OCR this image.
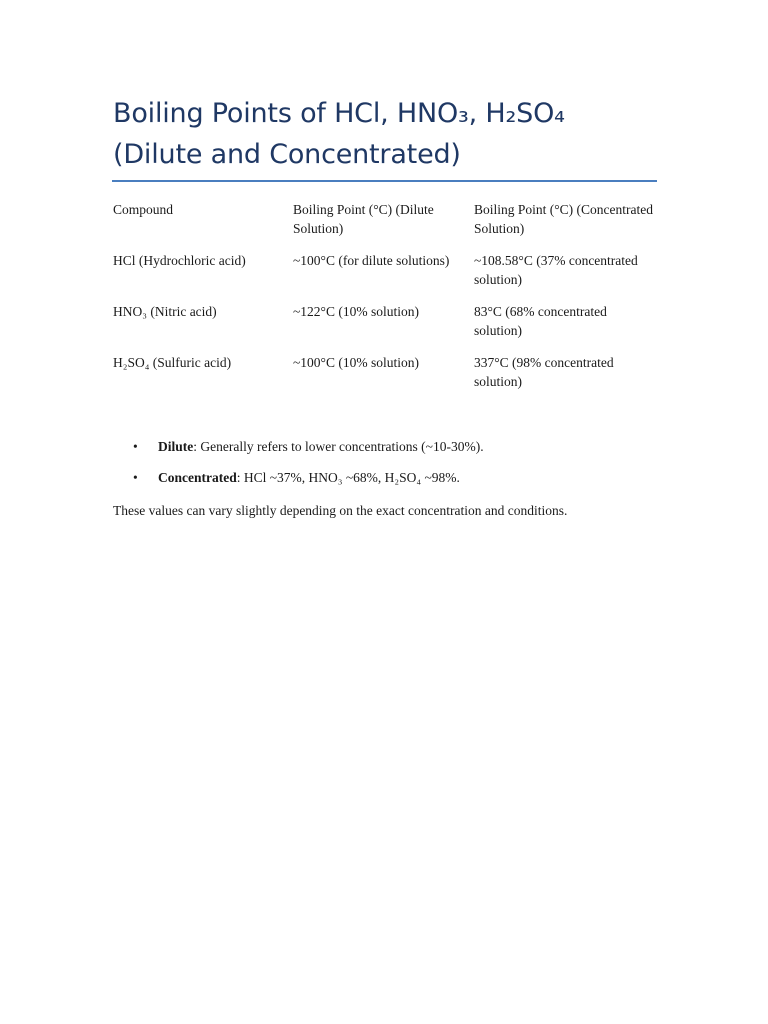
Boiling Points of HCl, HNO₃, H₂SO₄
(Dilute and Concentrated)
Compound	Boiling Point (°C) (Dilute Solution)	Boiling Point (°C) (Concentrated Solution)
HCl (Hydrochloric acid)	~100°C (for dilute solutions)	~108.58°C (37% concentrated solution)
HNO₃ (Nitric acid)	~122°C (10% solution)	83°C (68% concentrated solution)
H₂SO₄ (Sulfuric acid)	~100°C (10% solution)	337°C (98% concentrated solution)
• Dilute: Generally refers to lower concentrations (~10-30%).
• Concentrated: HCl ~37%, HNO₃ ~68%, H₂SO₄ ~98%.

These values can vary slightly depending on the exact concentration and conditions.
